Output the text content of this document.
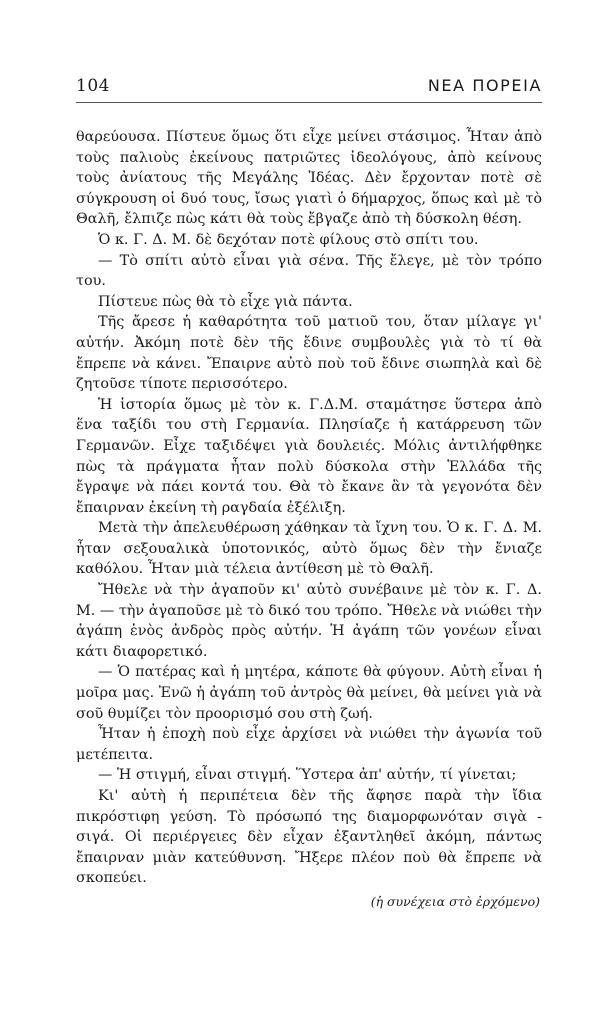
104	ΝΕΑ ΠΟΡΕΙΑ

θαρεύουσα. Πίστευε ὅμως ὅτι εἶχε μείνει στάσιμος. Ἦταν ἀπὸ τοὺς παλιοὺς ἐκείνους πατριῶτες ἰδεολόγους, ἀπὸ κείνους τοὺς ἀνίατους τῆς Μεγάλης Ἰδέας. Δὲν ἔρχονταν ποτὲ σὲ σύγκρουση οἱ δυό τους, ἴσως γιατὶ ὁ δήμαρχος, ὅπως καὶ μὲ τὸ Θαλῆ, ἔλπιζε πὼς κάτι θὰ τοὺς ἔβγαζε ἀπὸ τὴ δύσκολη θέση.

Ὁ κ. Γ. Δ. Μ. δὲ δεχόταν ποτὲ φίλους στὸ σπίτι του.

— Τὸ σπίτι αὐτὸ εἶναι γιὰ σένα. Τῆς ἔλεγε, μὲ τὸν τρόπο του.

Πίστευε πὼς θὰ τὸ εἶχε γιὰ πάντα.

Τῆς ἄρεσε ἡ καθαρότητα τοῦ ματιοῦ του, ὅταν μίλαγε γι' αὐτήν. Ἀκόμη ποτὲ δὲν τῆς ἔδινε συμβουλὲς γιὰ τὸ τί θὰ ἔπρεπε νὰ κάνει. Ἔπαιρνε αὐτὸ ποὺ τοῦ ἔδινε σιωπηλὰ καὶ δὲ ζητοῦσε τίποτε περισσότερο.

Ἡ ἱστορία ὅμως μὲ τὸν κ. Γ.Δ.Μ. σταμάτησε ὕστερα ἀπὸ ἕνα ταξίδι του στὴ Γερμανία. Πλησίαζε ἡ κατάρρευση τῶν Γερμανῶν. Εἶχε ταξιδέψει γιὰ δουλειές. Μόλις ἀντιλήφθηκε πὼς τὰ πράγματα ἦταν πολὺ δύσκολα στὴν Ἑλλάδα τῆς ἔγραψε νὰ πάει κοντά του. Θὰ τὸ ἔκανε ἂν τὰ γεγονότα δὲν ἔπαιρναν ἐκείνη τὴ ραγδαία ἐξέλιξη.

Μετὰ τὴν ἀπελευθέρωση χάθηκαν τὰ ἴχνη του. Ὁ κ. Γ. Δ. Μ. ἦταν σεξουαλικὰ ὑποτονικός, αὐτὸ ὅμως δὲν τὴν ἔνιαζε καθόλου. Ἦταν μιὰ τέλεια ἀντίθεση μὲ τὸ Θαλῆ.

Ἤθελε νὰ τὴν ἀγαποῦν κι' αὐτὸ συνέβαινε μὲ τὸν κ. Γ. Δ. Μ. — τὴν ἀγαποῦσε μὲ τὸ δικό του τρόπο. Ἤθελε νὰ νιώθει τὴν ἀγάπη ἑνὸς ἀνδρὸς πρὸς αὐτήν. Ἡ ἀγάπη τῶν γονέων εἶναι κάτι διαφορετικό.

— Ὁ πατέρας καὶ ἡ μητέρα, κάποτε θὰ φύγουν. Αὐτὴ εἶναι ἡ μοῖρα μας. Ἐνῶ ἡ ἀγάπη τοῦ ἀντρὸς θὰ μείνει, θὰ μείνει γιὰ νὰ σοῦ θυμίζει τὸν προορισμό σου στὴ ζωή.

Ἦταν ἡ ἐποχὴ ποὺ εἶχε ἀρχίσει νὰ νιώθει τὴν ἀγωνία τοῦ μετέπειτα.

— Ἡ στιγμή, εἶναι στιγμή. Ὕστερα ἀπ' αὐτήν, τί γίνεται;

Κι' αὐτὴ ἡ περιπέτεια δὲν τῆς ἄφησε παρὰ τὴν ἴδια πικρόστιφη γεύση. Τὸ πρόσωπό της διαμορφωνόταν σιγὰ - σιγά. Οἱ περιέργειες δὲν εἶχαν ἐξαντληθεῖ ἀκόμη, πάντως ἔπαιρναν μιὰν κατεύθυνση. Ἤξερε πλέον ποὺ θὰ ἔπρεπε νὰ σκοπεύει.

(ἡ συνέχεια στὸ ἐρχόμενο)
